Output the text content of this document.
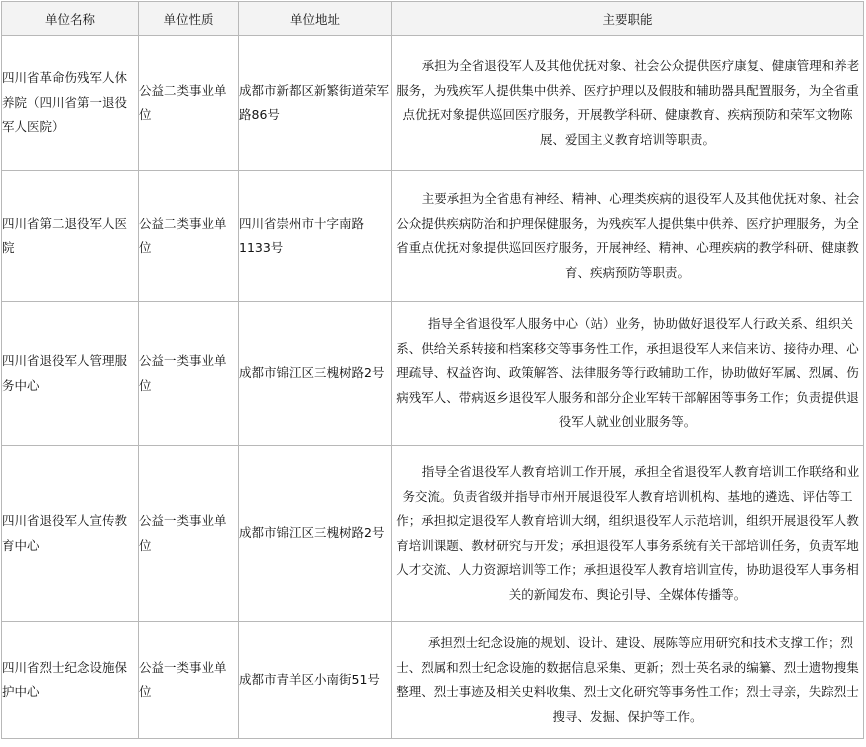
单位名称	单位性质	单位地址	主要职能
四川省革命伤残军人休养院（四川省第一退役军人医院）	公益二类事业单位	成都市新都区新繁街道荣军路86号	承担为全省退役军人及其他优抚对象、社会公众提供医疗康复、健康管理和养老服务，为残疾军人提供集中供养、医疗护理以及假肢和辅助器具配置服务，为全省重点优抚对象提供巡回医疗服务，开展教学科研、健康教育、疾病预防和荣军文物陈展、爱国主义教育培训等职责。

四川省第二退役军人医院	公益二类事业单位	四川省崇州市十字南路1133号	主要承担为全省患有神经、精神、心理类疾病的退役军人及其他优抚对象、社会公众提供疾病防治和护理保健服务，为残疾军人提供集中供养、医疗护理服务，为全省重点优抚对象提供巡回医疗服务，开展神经、精神、心理疾病的教学科研、健康教育、疾病预防等职责。

四川省退役军人管理服务中心	公益一类事业单位	成都市锦江区三槐树路2号	指导全省退役军人服务中心（站）业务，协助做好退役军人行政关系、组织关系、供给关系转接和档案移交等事务性工作，承担退役军人来信来访、接待办理、心理疏导、权益咨询、政策解答、法律服务等行政辅助工作，协助做好军属、烈属、伤病残军人、带病返乡退役军人服务和部分企业军转干部解困等事务工作；负责提供退役军人就业创业服务等。

四川省退役军人宣传教育中心	公益一类事业单位	成都市锦江区三槐树路2号	指导全省退役军人教育培训工作开展，承担全省退役军人教育培训工作联络和业务交流。负责省级并指导市州开展退役军人教育培训机构、基地的遴选、评估等工作；承担拟定退役军人教育培训大纲，组织退役军人示范培训，组织开展退役军人教育培训课题、教材研究与开发；承担退役军人事务系统有关干部培训任务，负责军地人才交流、人力资源培训等工作；承担退役军人教育培训宣传，协助退役军人事务相关的新闻发布、舆论引导、全媒体传播等。

四川省烈士纪念设施保护中心	公益一类事业单位	成都市青羊区小南街51号	承担烈士纪念设施的规划、设计、建设、展陈等应用研究和技术支撑工作；烈士、烈属和烈士纪念设施的数据信息采集、更新；烈士英名录的编纂、烈士遗物搜集整理、烈士事迹及相关史料收集、烈士文化研究等事务性工作；烈士寻亲，失踪烈士搜寻、发掘、保护等工作。
